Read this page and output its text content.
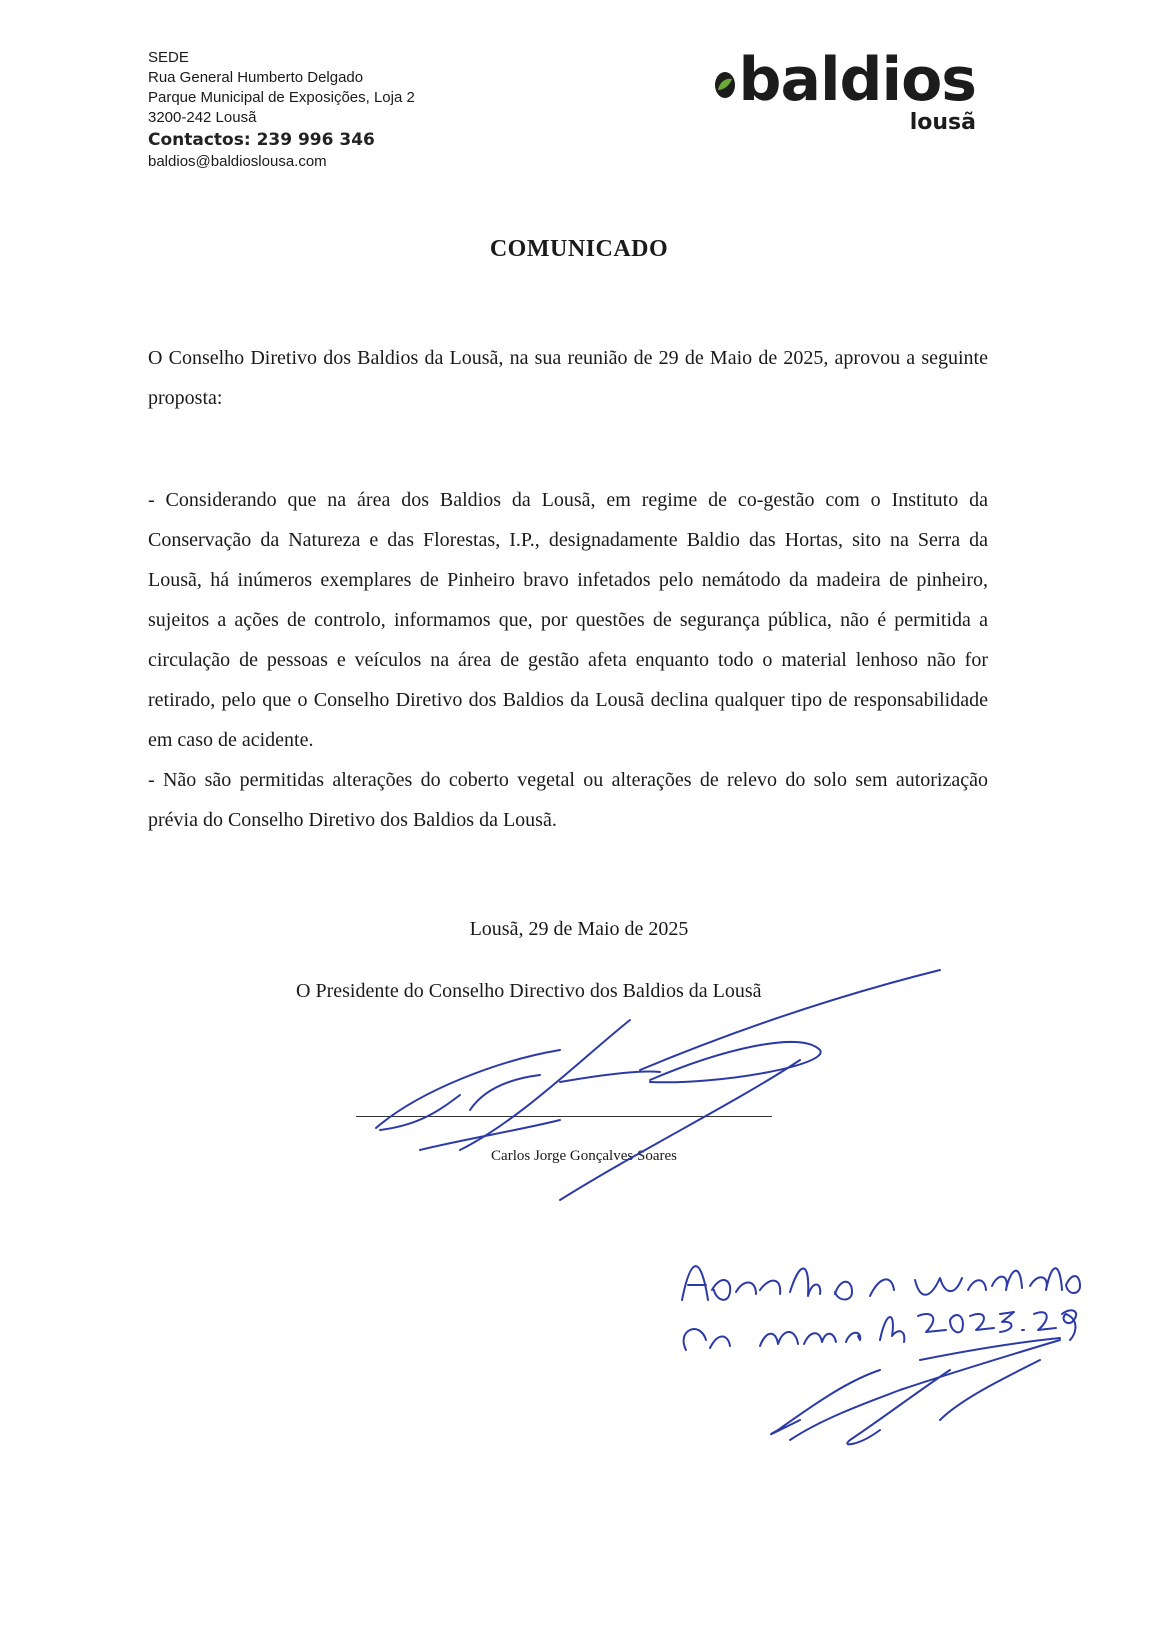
SEDE
Rua General Humberto Delgado
Parque Municipal de Exposições, Loja 2
3200-242 Lousã
Contactos: 239 996 346
baldios@baldioslousa.com
baldios
lousã
COMUNICADO

O Conselho Diretivo dos Baldios da Lousã, na sua reunião de 29 de Maio de 2025, aprovou a seguinte proposta:

- Considerando que na área dos Baldios da Lousã, em regime de co-gestão com o Instituto da Conservação da Natureza e das Florestas, I.P., designadamente Baldio das Hortas, sito na Serra da Lousã, há inúmeros exemplares de Pinheiro bravo infetados pelo nemátodo da madeira de pinheiro, sujeitos a ações de controlo, informamos que, por questões de segurança pública, não é permitida a circulação de pessoas e veículos na área de gestão afeta enquanto todo o material lenhoso não for retirado, pelo que o Conselho Diretivo dos Baldios da Lousã declina qualquer tipo de responsabilidade em caso de acidente.

- Não são permitidas alterações do coberto vegetal ou alterações de relevo do solo sem autorização prévia do Conselho Diretivo dos Baldios da Lousã.

Lousã, 29 de Maio de 2025
O Presidente do Conselho Directivo dos Baldios da Lousã
Carlos Jorge Gonçalves Soares
